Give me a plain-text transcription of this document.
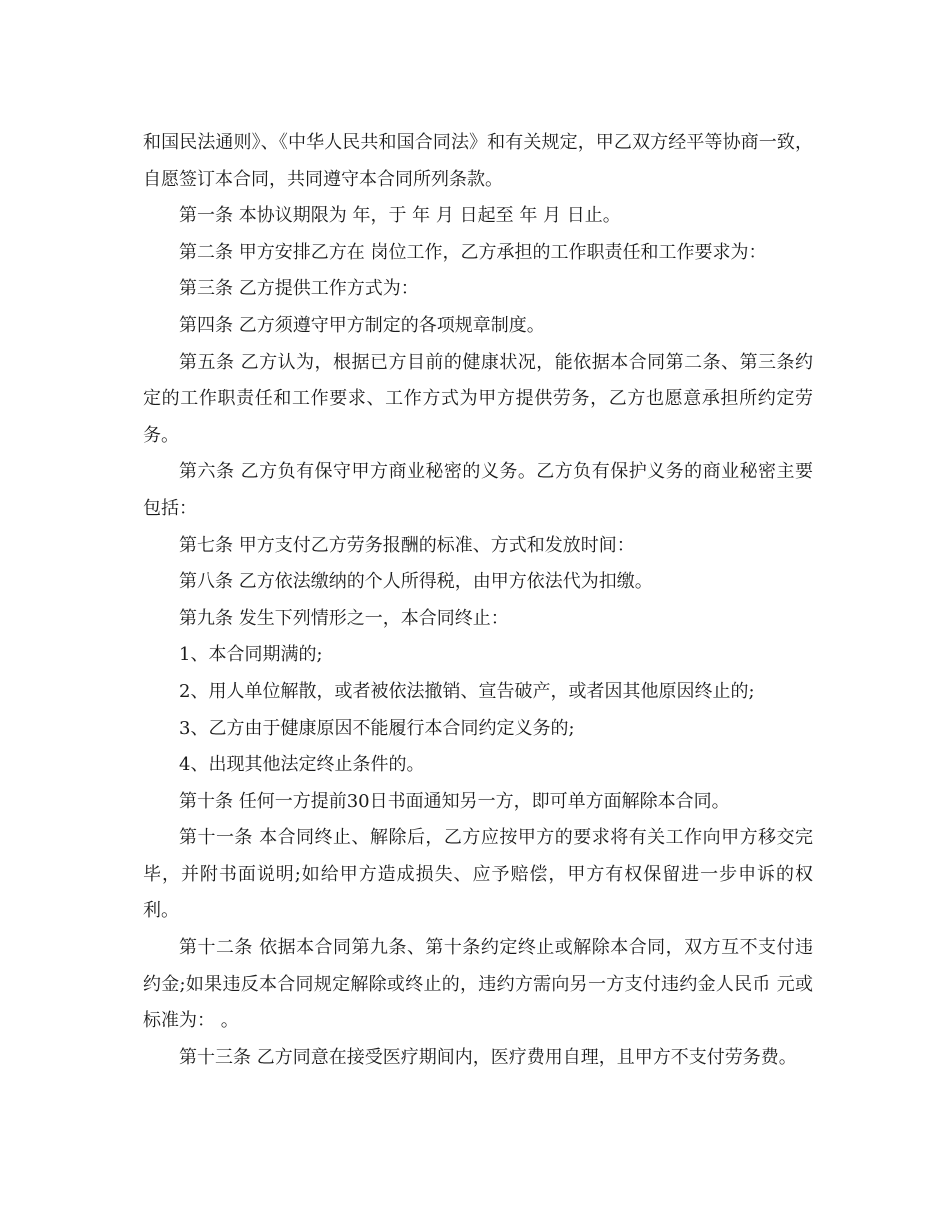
和国民法通则》、《中华人民共和国合同法》和有关规定，甲乙双方经平等协商一致，自愿签订本合同，共同遵守本合同所列条款。

第一条 本协议期限为 年，于 年 月 日起至 年 月 日止。

第二条 甲方安排乙方在 岗位工作，乙方承担的工作职责任和工作要求为：

第三条 乙方提供工作方式为：

第四条 乙方须遵守甲方制定的各项规章制度。

第五条 乙方认为，根据已方目前的健康状况，能依据本合同第二条、第三条约定的工作职责任和工作要求、工作方式为甲方提供劳务，乙方也愿意承担所约定劳务。

第六条 乙方负有保守甲方商业秘密的义务。乙方负有保护义务的商业秘密主要包括：

第七条 甲方支付乙方劳务报酬的标准、方式和发放时间：

第八条 乙方依法缴纳的个人所得税，由甲方依法代为扣缴。

第九条 发生下列情形之一，本合同终止：

1、本合同期满的;

2、用人单位解散，或者被依法撤销、宣告破产，或者因其他原因终止的;

3、乙方由于健康原因不能履行本合同约定义务的;

4、出现其他法定终止条件的。

第十条 任何一方提前30日书面通知另一方，即可单方面解除本合同。

第十一条 本合同终止、解除后，乙方应按甲方的要求将有关工作向甲方移交完毕，并附书面说明;如给甲方造成损失、应予赔偿，甲方有权保留进一步申诉的权利。

第十二条 依据本合同第九条、第十条约定终止或解除本合同，双方互不支付违约金;如果违反本合同规定解除或终止的，违约方需向另一方支付违约金人民币 元或标准为： 。

第十三条 乙方同意在接受医疗期间内，医疗费用自理，且甲方不支付劳务费。
